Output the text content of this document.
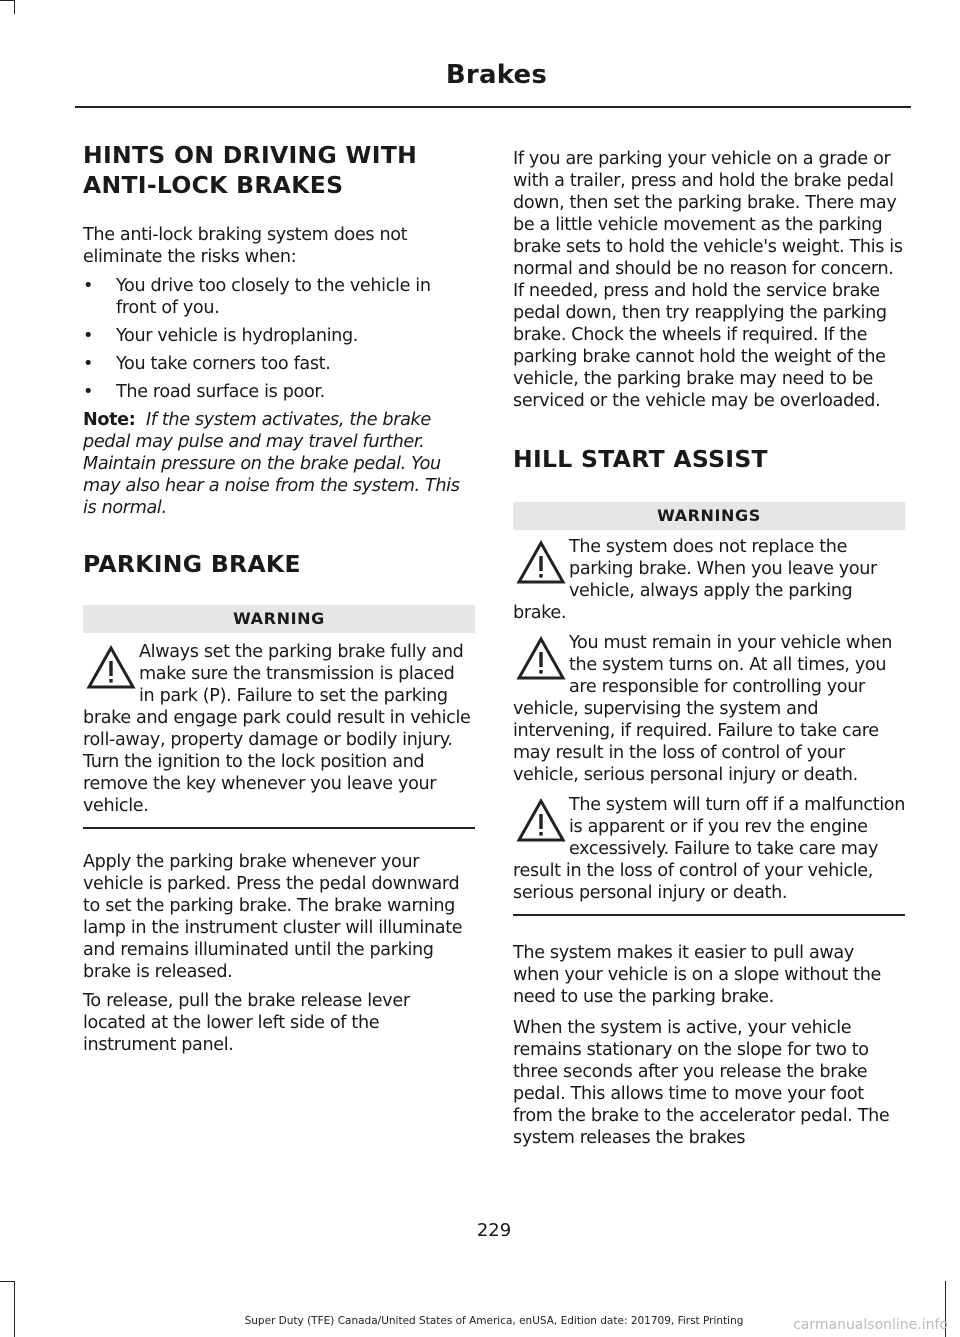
Brakes
HINTS ON DRIVING WITH
ANTI-LOCK BRAKES

The anti-lock braking system does not eliminate the risks when:

•	You drive too closely to the vehicle in front of you.
•	Your vehicle is hydroplaning.
•	You take corners too fast.
•	The road surface is poor.

Note: If the system activates, the brake pedal may pulse and may travel further. Maintain pressure on the brake pedal. You may also hear a noise from the system. This is normal.

PARKING BRAKE
WARNING

Always set the parking brake fully and make sure the transmission is placed in park (P). Failure to set the parking brake and engage park could result in vehicle roll-away, property damage or bodily injury. Turn the ignition to the lock position and remove the key whenever you leave your vehicle.

Apply the parking brake whenever your vehicle is parked. Press the pedal downward to set the parking brake. The brake warning lamp in the instrument cluster will illuminate and remains illuminated until the parking brake is released.

To release, pull the brake release lever located at the lower left side of the instrument panel.

If you are parking your vehicle on a grade or with a trailer, press and hold the brake pedal down, then set the parking brake. There may be a little vehicle movement as the parking brake sets to hold the vehicle's weight. This is normal and should be no reason for concern. If needed, press and hold the service brake pedal down, then try reapplying the parking brake. Chock the wheels if required. If the parking brake cannot hold the weight of the vehicle, the parking brake may need to be serviced or the vehicle may be overloaded.

HILL START ASSIST
WARNINGS

The system does not replace the parking brake. When you leave your vehicle, always apply the parking brake.

You must remain in your vehicle when the system turns on. At all times, you are responsible for controlling your vehicle, supervising the system and intervening, if required. Failure to take care may result in the loss of control of your vehicle, serious personal injury or death.

The system will turn off if a malfunction is apparent or if you rev the engine excessively. Failure to take care may result in the loss of control of your vehicle, serious personal injury or death.

The system makes it easier to pull away when your vehicle is on a slope without the need to use the parking brake.

When the system is active, your vehicle remains stationary on the slope for two to three seconds after you release the brake pedal. This allows time to move your foot from the brake to the accelerator pedal. The system releases the brakes

229
Super Duty (TFE) Canada/United States of America, enUSA, Edition date: 201709, First Printing	carmanualsonline.info
